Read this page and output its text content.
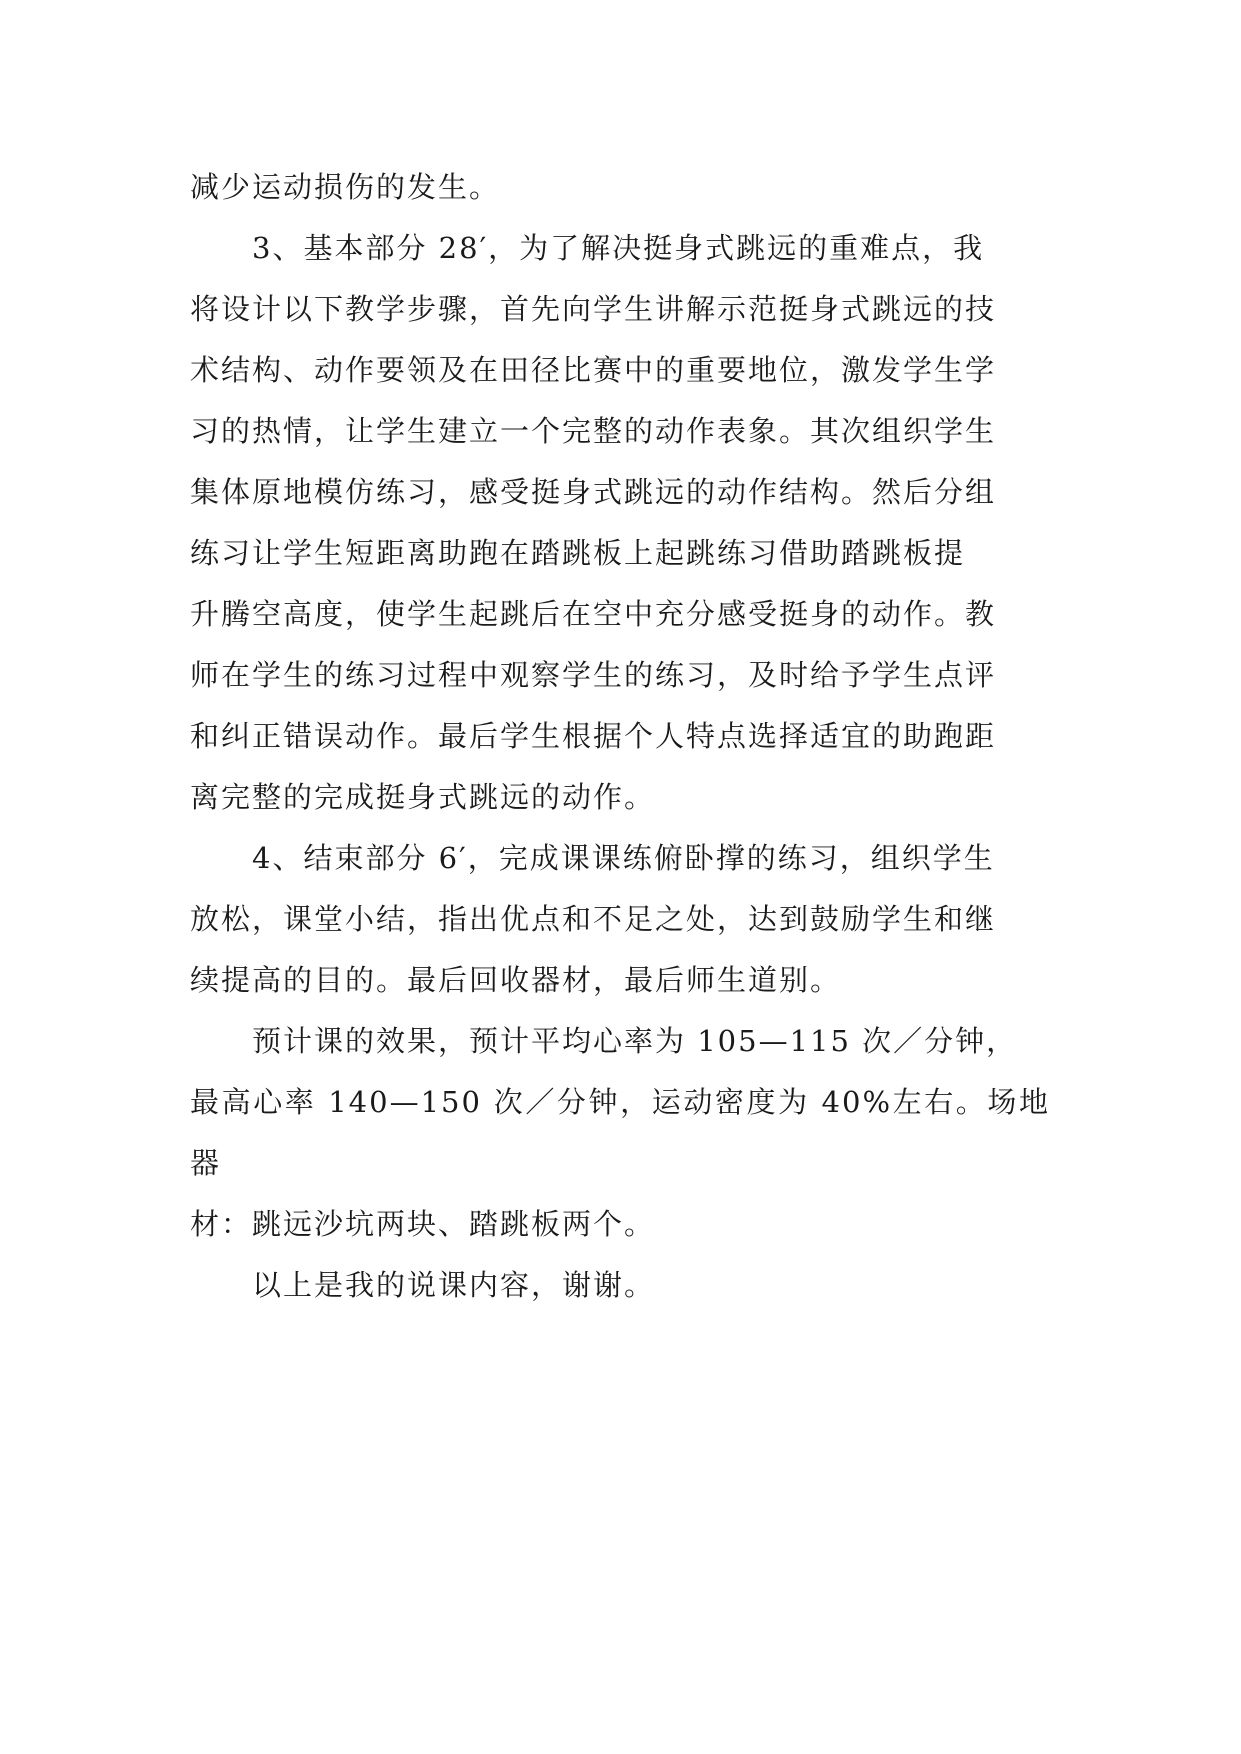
减少运动损伤的发生。

3、基本部分 28′，为了解决挺身式跳远的重难点，我
将设计以下教学步骤，首先向学生讲解示范挺身式跳远的技
术结构、动作要领及在田径比赛中的重要地位，激发学生学
习的热情，让学生建立一个完整的动作表象。其次组织学生
集体原地模仿练习，感受挺身式跳远的动作结构。然后分组
练习让学生短距离助跑在踏跳板上起跳练习借助踏跳板提
升腾空高度，使学生起跳后在空中充分感受挺身的动作。教
师在学生的练习过程中观察学生的练习，及时给予学生点评
和纠正错误动作。最后学生根据个人特点选择适宜的助跑距
离完整的完成挺身式跳远的动作。

4、结束部分 6′，完成课课练俯卧撑的练习，组织学生
放松，课堂小结，指出优点和不足之处，达到鼓励学生和继
续提高的目的。最后回收器材，最后师生道别。

预计课的效果，预计平均心率为 105—115 次／分钟，
最高心率 140—150 次／分钟，运动密度为 40%左右。场地器
材：跳远沙坑两块、踏跳板两个。

以上是我的说课内容，谢谢。
